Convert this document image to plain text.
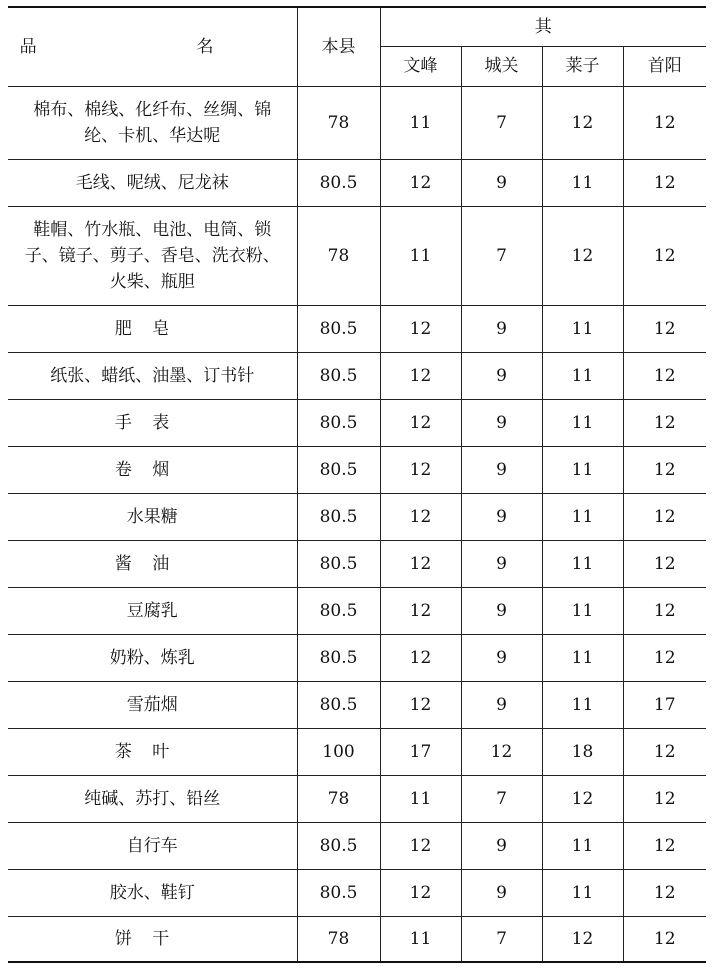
品　名	本县	其			
		文峰	城关	莱子	首阳
棉布、棉线、化纤布、丝绸、锦纶、卡机、华达呢	78	11	7	12	12
毛线、呢绒、尼龙袜	80.5	12	9	11	12
鞋帽、竹水瓶、电池、电筒、锁子、镜子、剪子、香皂、洗衣粉、火柴、瓶胆	78	11	7	12	12
肥皂	80.5	12	9	11	12
纸张、蜡纸、油墨、订书针	80.5	12	9	11	12
手表	80.5	12	9	11	12
卷烟	80.5	12	9	11	12
水果糖	80.5	12	9	11	12
酱油	80.5	12	9	11	12
豆腐乳	80.5	12	9	11	12
奶粉、炼乳	80.5	12	9	11	12
雪茄烟	80.5	12	9	11	17
茶叶	100	17	12	18	12
纯碱、苏打、铅丝	78	11	7	12	12
自行车	80.5	12	9	11	12
胶水、鞋钉	80.5	12	9	11	12
饼干	78	11	7	12	12
